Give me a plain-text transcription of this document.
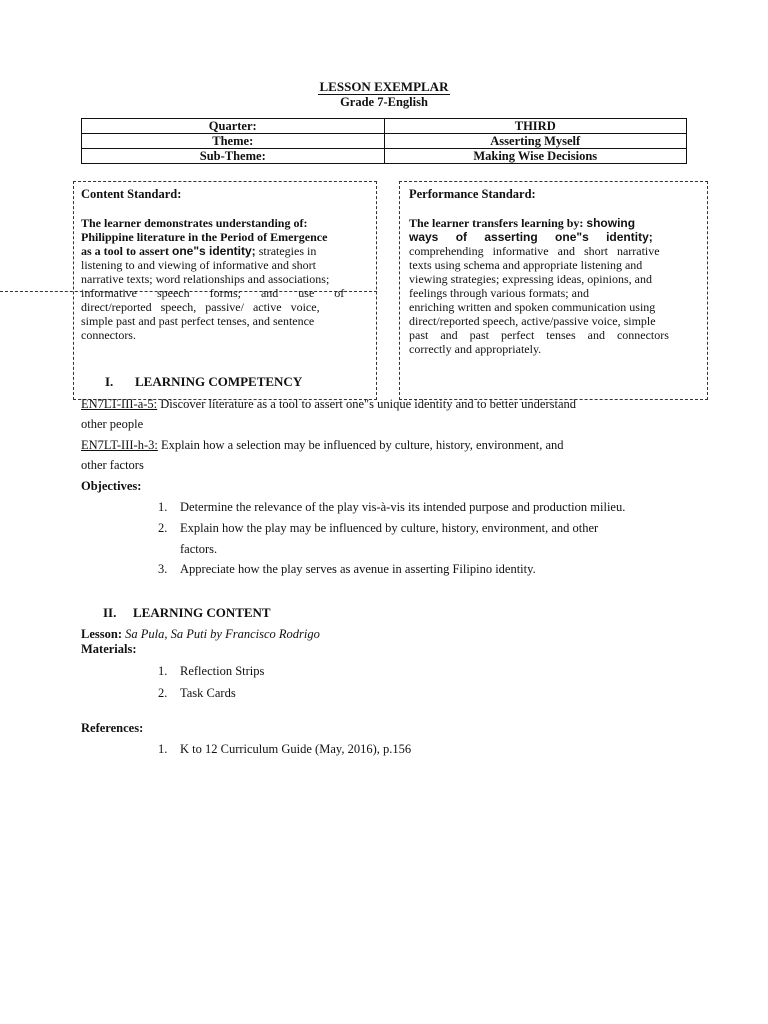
LESSON EXEMPLAR
Grade 7-English
Quarter:	THIRD
Theme:	Asserting Myself
Sub-Theme:	Making Wise Decisions
Content Standard:
The learner demonstrates understanding of:
Philippine literature in the Period of Emergence
as a tool to assert one"s identity; strategies in
listening to and viewing of informative and short
narrative texts; word relationships and associations;
informative speech forms; and use of
direct/reported speech, passive/ active voice,
simple past and past perfect tenses, and sentence
connectors.
Performance Standard:
The learner transfers learning by: showing
ways of asserting one"s identity;
comprehending informative and short narrative
texts using schema and appropriate listening and
viewing strategies; expressing ideas, opinions, and
feelings through various formats; and
enriching written and spoken communication using
direct/reported speech, active/passive voice, simple
past and past perfect tenses and connectors
correctly and appropriately.
I. LEARNING COMPETENCY
EN7LT-III-a-5: Discover literature as a tool to assert one"s unique identity and to better understand
other people
EN7LT-III-h-3: Explain how a selection may be influenced by culture, history, environment, and
other factors
Objectives:
1. Determine the relevance of the play vis-à-vis its intended purpose and production milieu.
2. Explain how the play may be influenced by culture, history, environment, and other
factors.
3. Appreciate how the play serves as avenue in asserting Filipino identity.
II. LEARNING CONTENT
Lesson: Sa Pula, Sa Puti by Francisco Rodrigo
Materials:
1. Reflection Strips
2. Task Cards
References:
1. K to 12 Curriculum Guide (May, 2016), p.156
